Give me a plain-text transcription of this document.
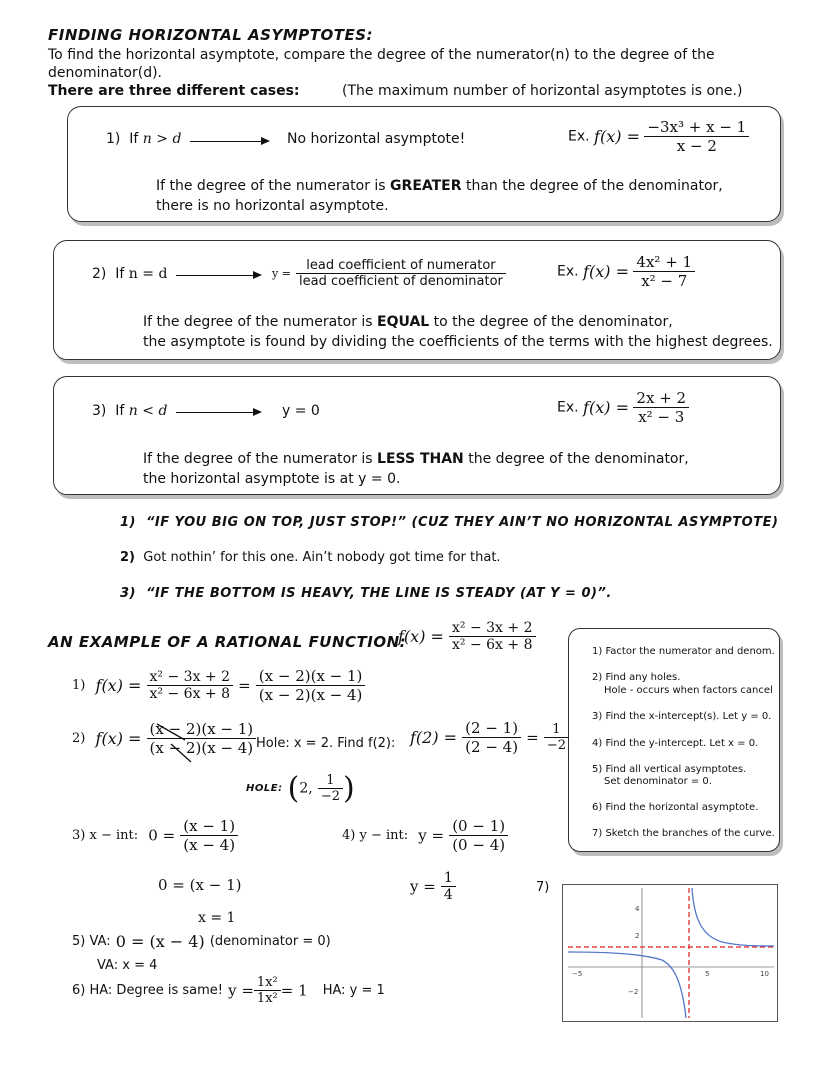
FINDING HORIZONTAL ASYMPTOTES:
To find the horizontal asymptote, compare the degree of the numerator(n) to the degree of the
denominator(d).
There are three different cases:	(The maximum number of horizontal asymptotes is one.)
1) If n > d	No horizontal asymptote!	Ex. $f(x) = \frac{\text{−3x³ + x − 1}}{x - 2}$
If the degree of the numerator is GREATER than the degree of the denominator,
there is no horizontal asymptote.
2) If n = d	$y = \frac{\text{lead coefficient of numerator}}{\text{lead coefficient of denominator}}$	Ex. $f(x) = \frac{\text{4x² + 1}}{\text{x² − 7}}$
If the degree of the numerator is EQUAL to the degree of the denominator,
the asymptote is found by dividing the coefficients of the terms with the highest degrees.
3) If n < d	y = 0	Ex. $f(x) = \frac{2x + 2}{\text{x² − 3}}$
If the degree of the numerator is LESS THAN the degree of the denominator,
the horizontal asymptote is at y = 0.
1) “IF YOU BIG ON TOP, JUST STOP!” (CUZ THEY AIN’T NO HORIZONTAL ASYMPTOTE)
2) Got nothin’ for this one. Ain’t nobody got time for that.
3) “IF THE BOTTOM IS HEAVY, THE LINE IS STEADY (AT Y = 0)”.
AN EXAMPLE OF A RATIONAL FUNCTION:
$f(x) = \frac{\text{x² − 3x + 2}}{\text{x² − 6x + 8}}$	1) Factor the numerator and denom.
2) Find any holes.
Hole - occurs when factors cancel
3) Find the x-intercept(s). Let y = 0.
4) Find the y-intercept. Let x = 0.
5) Find all vertical asymptotes.
Set denominator = 0.
6) Find the horizontal asymptote.
7) Sketch the branches of the curve.
1) $f(x) = \frac{\text{x² − 3x + 2}}{\text{x² − 6x + 8}} = \frac{(x - 2)(x - 1)}{(x - 2)(x - 4)}$
2) $f(x) = \frac{(x - 2)(x - 1)}{(x - 2)(x - 4)}$ Hole: x = 2. Find f(2): $f(2) = \frac{(2 - 1)}{(2 - 4)} = \frac{1}{-2}$
HOLE: (2, $\frac{1}{-2}$ )
3) x − int: $0 = \frac{(x - 1)}{(x - 4)}$
0 = (x − 1)
x = 1
4) y − int: $y = \frac{(0 - 1)}{(0 - 4)}$
$y = \frac{1}{4}$
5) VA: 0 = (x − 4) (denominator = 0)
VA: x = 4
6) HA: Degree is same! $y = \frac{\text{1x²}}{\text{1x²}} = 1$ HA: y = 1
7)
−5	5	10
4
2
−2
